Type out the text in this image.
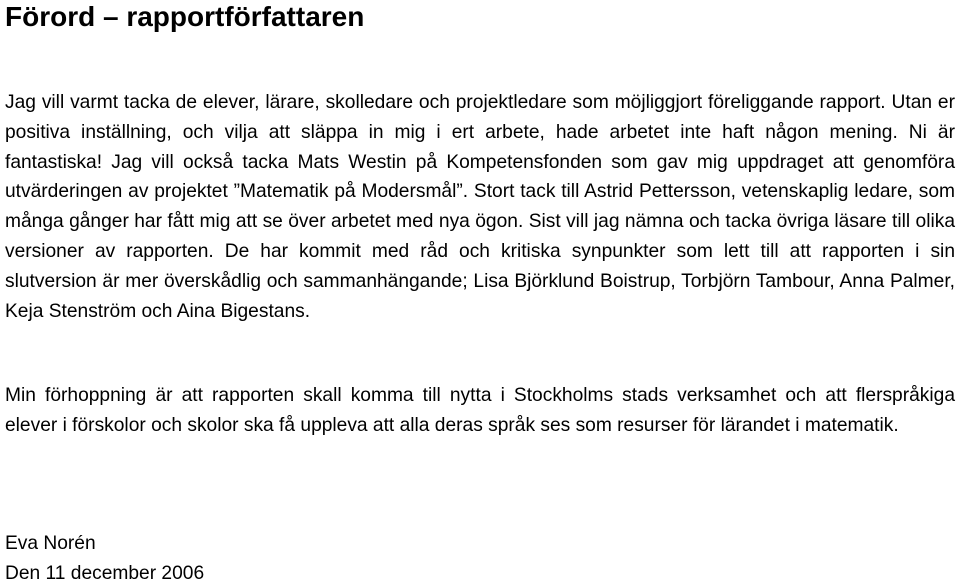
Förord – rapportförfattaren

Jag vill varmt tacka de elever, lärare, skolledare och projektledare som möjliggjort föreliggande rapport. Utan er positiva inställning, och vilja att släppa in mig i ert arbete, hade arbetet inte haft någon mening. Ni är fantastiska! Jag vill också tacka Mats Westin på Kompetensfonden som gav mig uppdraget att genomföra utvärderingen av projektet ”Matematik på Modersmål”. Stort tack till Astrid Pettersson, vetenskaplig ledare, som många gånger har fått mig att se över arbetet med nya ögon. Sist vill jag nämna och tacka övriga läsare till olika versioner av rapporten. De har kommit med råd och kritiska synpunkter som lett till att rapporten i sin slutversion är mer överskådlig och sammanhängande; Lisa Björklund Boistrup, Torbjörn Tambour, Anna Palmer, Keja Stenström och Aina Bigestans.

Min förhoppning är att rapporten skall komma till nytta i Stockholms stads verksamhet och att flerspråkiga elever i förskolor och skolor ska få uppleva att alla deras språk ses som resurser för lärandet i matematik.

Eva Norén

Den 11 december 2006
